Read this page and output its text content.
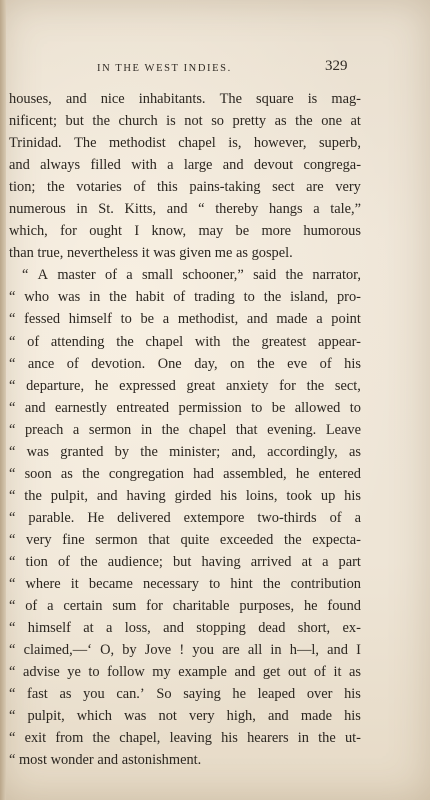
IN THE WEST INDIES.	329
houses, and nice inhabitants. The square is mag-
nificent; but the church is not so pretty as the one at
Trinidad. The methodist chapel is, however, superb,
and always filled with a large and devout congrega-
tion; the votaries of this pains-taking sect are very
numerous in St. Kitts, and “ thereby hangs a tale,”
which, for ought I know, may be more humorous
than true, nevertheless it was given me as gospel.
“ A master of a small schooner,” said the narrator,
“ who was in the habit of trading to the island, pro-
“ fessed himself to be a methodist, and made a point
“ of attending the chapel with the greatest appear-
“ ance of devotion. One day, on the eve of his
“ departure, he expressed great anxiety for the sect,
“ and earnestly entreated permission to be allowed to
“ preach a sermon in the chapel that evening. Leave
“ was granted by the minister; and, accordingly, as
“ soon as the congregation had assembled, he entered
“ the pulpit, and having girded his loins, took up his
“ parable. He delivered extempore two-thirds of a
“ very fine sermon that quite exceeded the expecta-
“ tion of the audience; but having arrived at a part
“ where it became necessary to hint the contribution
“ of a certain sum for charitable purposes, he found
“ himself at a loss, and stopping dead short, ex-
“ claimed,—‘ O, by Jove ! you are all in h—l, and I
“ advise ye to follow my example and get out of it as
“ fast as you can.’ So saying he leaped over his
“ pulpit, which was not very high, and made his
“ exit from the chapel, leaving his hearers in the ut-
“ most wonder and astonishment.
